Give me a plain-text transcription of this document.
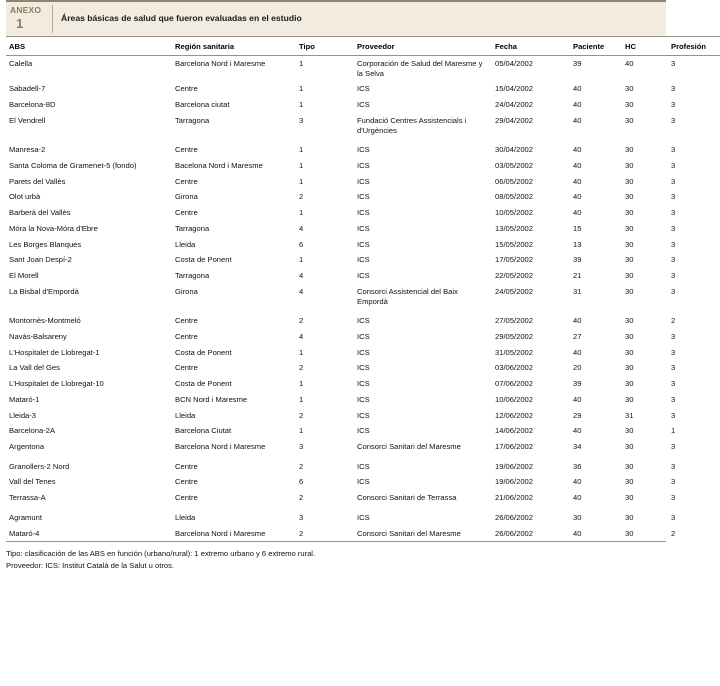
ANEXO
1	Áreas básicas de salud que fueron evaluadas en el estudio
ABS	Región sanitaria	Tipo	Proveedor	Fecha	Paciente	HC	Profesión
Calella	Barcelona Nord i Maresme	1	Corporación de Salud del Maresme y la Selva	05/04/2002	39	40	3
Sabadell-7	Centre	1	ICS	15/04/2002	40	30	3
Barcelona-8D	Barcelona ciutat	1	ICS	24/04/2002	40	30	3
El Vendrell	Tarragona	3	Fundació Centres Assistencials i d'Urgències	29/04/2002	40	30	3
Manresa-2	Centre	1	ICS	30/04/2002	40	30	3
Santa Coloma de Gramenet-5 (fondo)	Bacelona Nord i Maresme	1	ICS	03/05/2002	40	30	3
Parets del Vallès	Centre	1	ICS	06/05/2002	40	30	3
Olot urbà	Girona	2	ICS	08/05/2002	40	30	3
Barberà del Vallès	Centre	1	ICS	10/05/2002	40	30	3
Móra la Nova-Móra d'Ebre	Tarragona	4	ICS	13/05/2002	15	30	3
Les Borges Blanques	Lleida	6	ICS	15/05/2002	13	30	3
Sant Joan Despí-2	Costa de Ponent	1	ICS	17/05/2002	39	30	3
El Morell	Tarragona	4	ICS	22/05/2002	21	30	3
La Bisbal d'Empordà	Girona	4	Consorci Assistencial del Baix Empordà	24/05/2002	31	30	3
Montornès-Montmeló	Centre	2	ICS	27/05/2002	40	30	2
Navàs-Balsareny	Centre	4	ICS	29/05/2002	27	30	3
L'Hospitalet de Llobregat-1	Costa de Ponent	1	ICS	31/05/2002	40	30	3
La Vall del Ges	Centre	2	ICS	03/06/2002	20	30	3
L'Hospitalet de Llobregat-10	Costa de Ponent	1	ICS	07/06/2002	39	30	3
Mataró-1	BCN Nord i Maresme	1	ICS	10/06/2002	40	30	3
Lleida-3	Lleida	2	ICS	12/06/2002	29	31	3
Barcelona-2A	Barcelona Ciutat	1	ICS	14/06/2002	40	30	1
Argentona	Barcelona Nord i Maresme	3	Consorci Sanitari del Maresme	17/06/2002	34	30	3
Granollers-2 Nord	Centre	2	ICS	19/06/2002	36	30	3
Vall del Tenes	Centre	6	ICS	19/06/2002	40	30	3
Terrassa-A	Centre	2	Consorci Sanitari de Terrassa	21/06/2002	40	30	3
Agramunt	Lleida	3	ICS	26/06/2002	30	30	3
Mataró-4	Barcelona Nord i Maresme	2	Consorci Sanitari del Maresme	26/06/2002	40	30	2
Tipo: clasificación de las ABS en función (urbano/rural): 1 extremo urbano y 6 extremo rural.
Proveedor: ICS: Institut Català de la Salut u otros.
